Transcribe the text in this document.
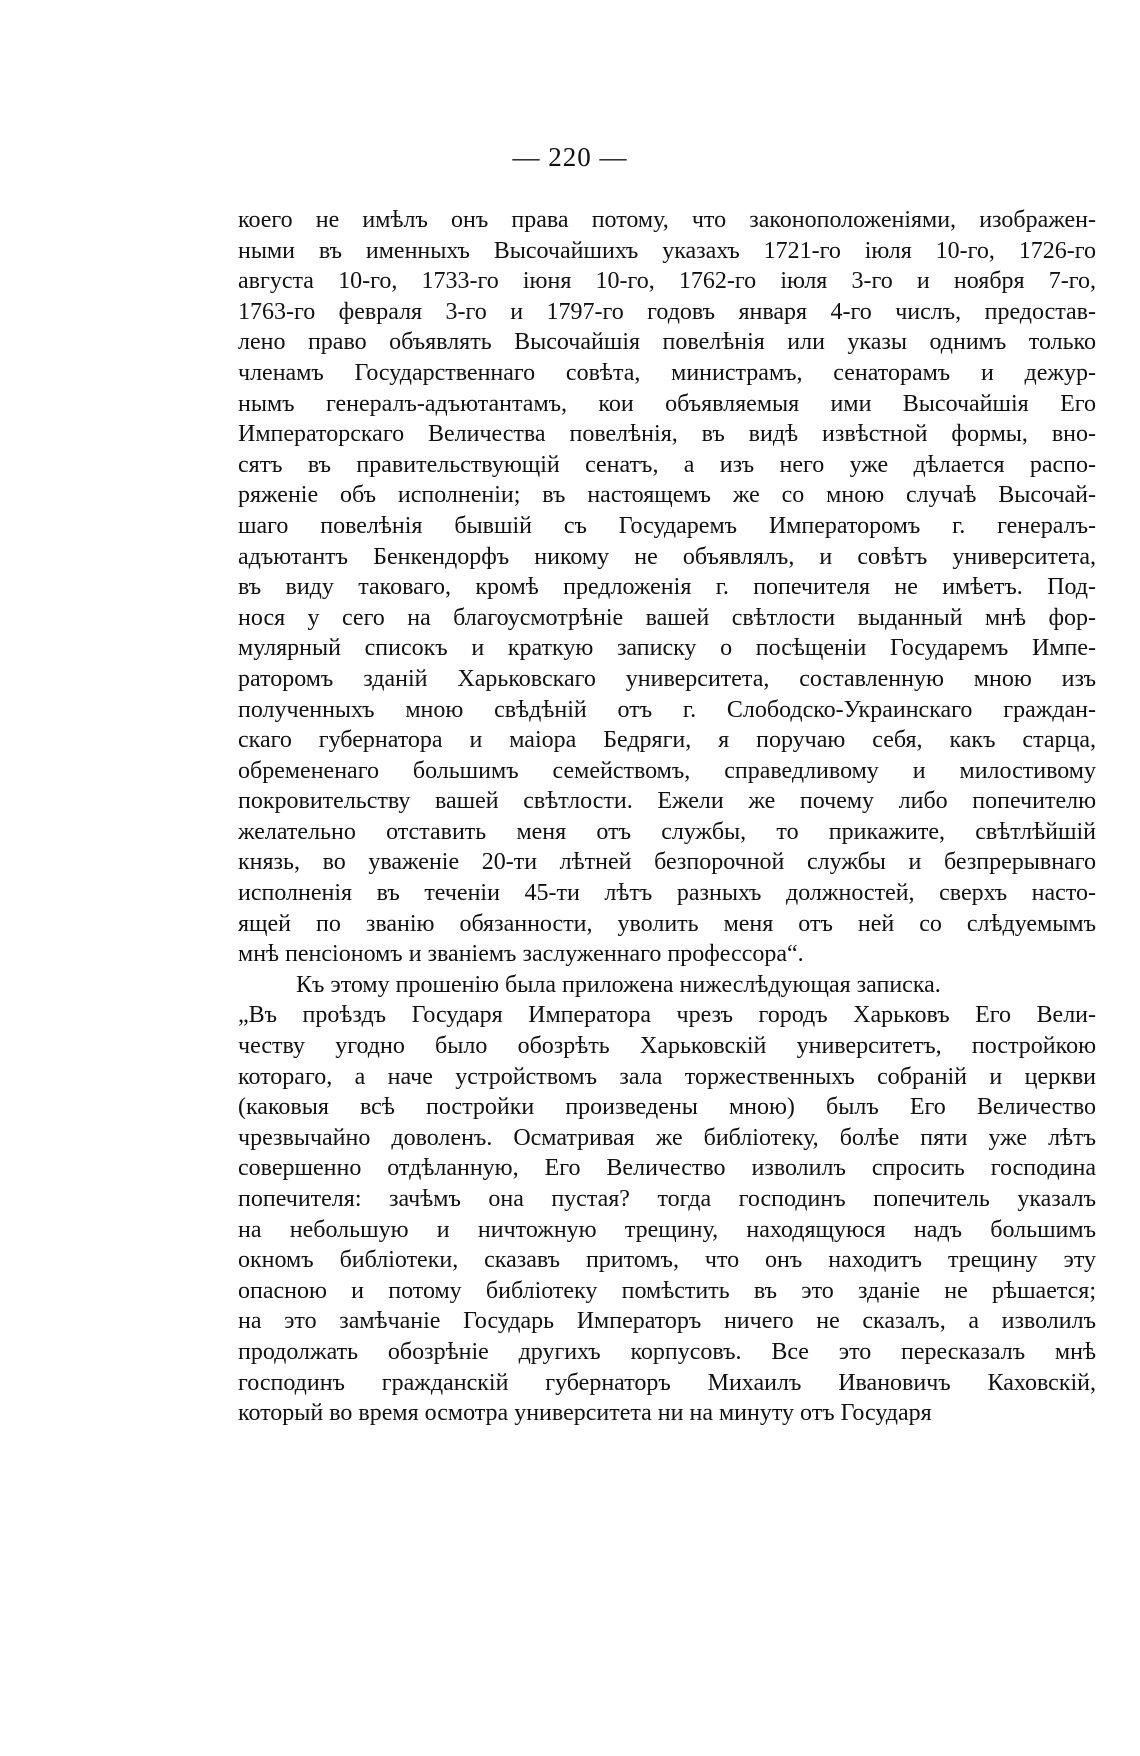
— 220 —
коего не имѣлъ онъ права потому, что законоположеніями, изображен-
ными въ именныхъ Высочайшихъ указахъ 1721-го іюля 10-го, 1726-го
августа 10-го, 1733-го іюня 10-го, 1762-го іюля 3-го и ноября 7-го,
1763-го февраля 3-го и 1797-го годовъ января 4-го числъ, предостав-
лено право объявлять Высочайшія повелѣнія или указы однимъ только
членамъ Государственнаго совѣта, министрамъ, сенаторамъ и дежур-
нымъ генералъ-адъютантамъ, кои объявляемыя ими Высочайшія Его
Императорскаго Величества повелѣнія, въ видѣ извѣстной формы, вно-
сятъ въ правительствующій сенатъ, а изъ него уже дѣлается распо-
ряженіе объ исполненіи; въ настоящемъ же со мною случаѣ Высочай-
шаго повелѣнія бывшій съ Государемъ Императоромъ г. генералъ-
адъютантъ Бенкендорфъ никому не объявлялъ, и совѣтъ университета,
въ виду таковаго, кромѣ предложенія г. попечителя не имѣетъ. Под-
нося у сего на благоусмотрѣніе вашей свѣтлости выданный мнѣ фор-
мулярный списокъ и краткую записку о посѣщеніи Государемъ Импе-
раторомъ зданій Харьковскаго университета, составленную мною изъ
полученныхъ мною свѣдѣній отъ г. Слободско-Украинскаго граждан-
скаго губернатора и маіора Бедряги, я поручаю себя, какъ старца,
обремененаго большимъ семействомъ, справедливому и милостивому
покровительству вашей свѣтлости. Ежели же почему либо попечителю
желательно отставить меня отъ службы, то прикажите, свѣтлѣйшій
князь, во уваженіе 20-ти лѣтней безпорочной службы и безпрерывнаго
исполненія въ теченіи 45-ти лѣтъ разныхъ должностей, сверхъ насто-
ящей по званію обязанности, уволить меня отъ ней со слѣдуемымъ
мнѣ пенсіономъ и званіемъ заслуженнаго профессора“.
Къ этому прошенію была приложена нижеслѣдующая записка.
„Въ проѣздъ Государя Императора чрезъ городъ Харьковъ Его Вели-
честву угодно было обозрѣть Харьковскій университетъ, постройкою
котораго, а наче устройствомъ зала торжественныхъ собраній и церкви
(каковыя всѣ постройки произведены мною) былъ Его Величество
чрезвычайно доволенъ. Осматривая же библіотеку, болѣе пяти уже лѣтъ
совершенно отдѣланную, Его Величество изволилъ спросить господина
попечителя: зачѣмъ она пустая? тогда господинъ попечитель указалъ
на небольшую и ничтожную трещину, находящуюся надъ большимъ
окномъ библіотеки, сказавъ притомъ, что онъ находитъ трещину эту
опасною и потому библіотеку помѣстить въ это зданіе не рѣшается;
на это замѣчаніе Государь Императоръ ничего не сказалъ, а изволилъ
продолжать обозрѣніе другихъ корпусовъ. Все это пересказалъ мнѣ
господинъ гражданскій губернаторъ Михаилъ Ивановичъ Каховскій,
который во время осмотра университета ни на минуту отъ Государя
